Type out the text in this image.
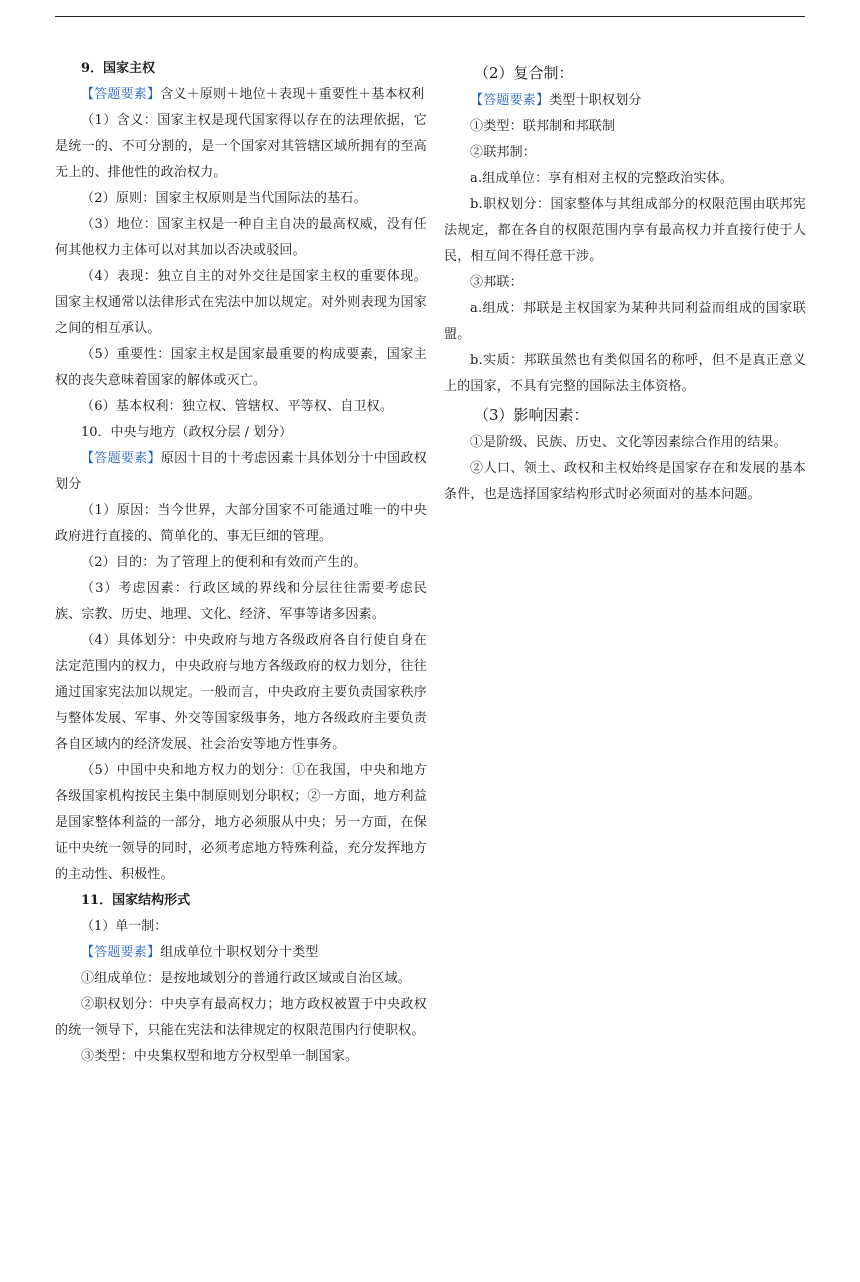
9．国家主权

【答题要素】含义＋原则＋地位＋表现＋重要性＋基本权利

（1）含义：国家主权是现代国家得以存在的法理依据，它是统一的、不可分割的，是一个国家对其管辖区域所拥有的至高无上的、排他性的政治权力。

（2）原则：国家主权原则是当代国际法的基石。

（3）地位：国家主权是一种自主自决的最高权威，没有任何其他权力主体可以对其加以否决或驳回。

（4）表现：独立自主的对外交往是国家主权的重要体现。国家主权通常以法律形式在宪法中加以规定。对外则表现为国家之间的相互承认。

（5）重要性：国家主权是国家最重要的构成要素，国家主权的丧失意味着国家的解体或灭亡。

（6）基本权利：独立权、管辖权、平等权、自卫权。

10．中央与地方（政权分层 / 划分）

【答题要素】原因十目的十考虑因素十具体划分十中国政权划分

（1）原因：当今世界，大部分国家不可能通过唯一的中央政府进行直接的、简单化的、事无巨细的管理。

（2）目的：为了管理上的便利和有效而产生的。

（3）考虑因素：行政区域的界线和分层往往需要考虑民族、宗教、历史、地理、文化、经济、军事等诸多因素。

（4）具体划分：中央政府与地方各级政府各自行使自身在法定范围内的权力，中央政府与地方各级政府的权力划分，往往通过国家宪法加以规定。一般而言，中央政府主要负责国家秩序与整体发展、军事、外交等国家级事务，地方各级政府主要负责各自区域内的经济发展、社会治安等地方性事务。

（5）中国中央和地方权力的划分：①在我国，中央和地方各级国家机构按民主集中制原则划分职权；②一方面，地方利益是国家整体利益的一部分，地方必须服从中央；另一方面，在保证中央统一领导的同时，必须考虑地方特殊利益，充分发挥地方的主动性、积极性。

11．国家结构形式

（1）单一制：

【答题要素】组成单位十职权划分十类型

①组成单位：是按地域划分的普通行政区域或自治区域。

②职权划分：中央享有最高权力；地方政权被置于中央政权的统一领导下，只能在宪法和法律规定的权限范围内行使职权。

③类型：中央集权型和地方分权型单一制国家。

（2）复合制：

【答题要素】类型十职权划分

①类型：联邦制和邦联制

②联邦制：

a.组成单位：享有相对主权的完整政治实体。

b.职权划分：国家整体与其组成部分的权限范围由联邦宪法规定，都在各自的权限范围内享有最高权力并直接行使于人民，相互间不得任意干涉。

③邦联：

a.组成：邦联是主权国家为某种共同利益而组成的国家联盟。

b.实质：邦联虽然也有类似国名的称呼，但不是真正意义上的国家，不具有完整的国际法主体资格。

（3）影响因素：

①是阶级、民族、历史、文化等因素综合作用的结果。

②人口、领土、政权和主权始终是国家存在和发展的基本条件，也是选择国家结构形式时必须面对的基本问题。
